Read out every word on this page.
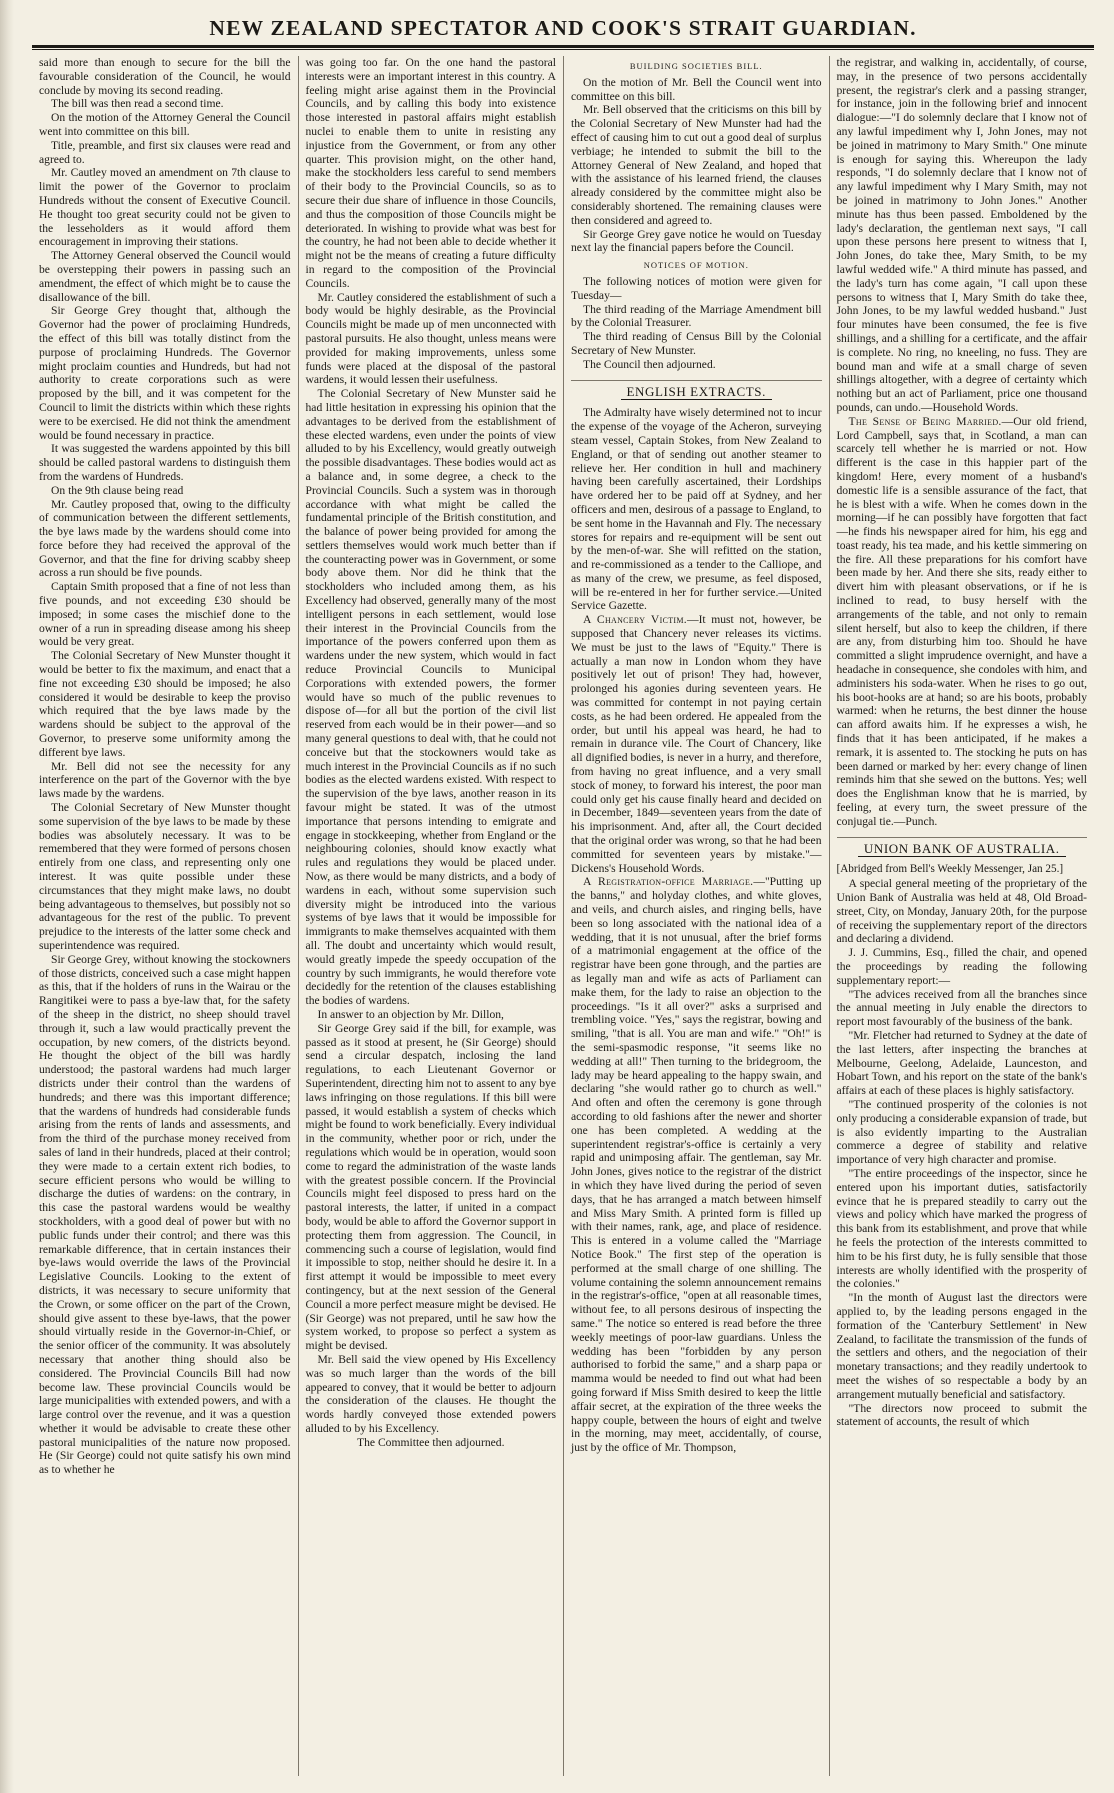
NEW ZEALAND SPECTATOR AND COOK'S STRAIT GUARDIAN.

said more than enough to secure for the bill the favourable consideration of the Council, he would conclude by moving its second reading.

The bill was then read a second time.

On the motion of the Attorney General the Council went into committee on this bill.

Title, preamble, and first six clauses were read and agreed to.

Mr. Cautley moved an amendment on 7th clause to limit the power of the Governor to proclaim Hundreds without the consent of Executive Council. He thought too great security could not be given to the lesseholders as it would afford them encouragement in improving their stations.

The Attorney General observed the Council would be overstepping their powers in passing such an amendment, the effect of which might be to cause the disallowance of the bill.

Sir George Grey thought that, although the Governor had the power of proclaiming Hundreds, the effect of this bill was totally distinct from the purpose of proclaiming Hundreds. The Governor might proclaim counties and Hundreds, but had not authority to create corporations such as were proposed by the bill, and it was competent for the Council to limit the districts within which these rights were to be exercised. He did not think the amendment would be found necessary in practice.

It was suggested the wardens appointed by this bill should be called pastoral wardens to distinguish them from the wardens of Hundreds.

On the 9th clause being read

Mr. Cautley proposed that, owing to the difficulty of communication between the different settlements, the bye laws made by the wardens should come into force before they had received the approval of the Governor, and that the fine for driving scabby sheep across a run should be five pounds.

Captain Smith proposed that a fine of not less than five pounds, and not exceeding £30 should be imposed; in some cases the mischief done to the owner of a run in spreading disease among his sheep would be very great.

The Colonial Secretary of New Munster thought it would be better to fix the maximum, and enact that a fine not exceeding £30 should be imposed; he also considered it would be desirable to keep the proviso which required that the bye laws made by the wardens should be subject to the approval of the Governor, to preserve some uniformity among the different bye laws.

Mr. Bell did not see the necessity for any interference on the part of the Governor with the bye laws made by the wardens.

The Colonial Secretary of New Munster thought some supervision of the bye laws to be made by these bodies was absolutely necessary. It was to be remembered that they were formed of persons chosen entirely from one class, and representing only one interest. It was quite possible under these circumstances that they might make laws, no doubt being advantageous to themselves, but possibly not so advantageous for the rest of the public. To prevent prejudice to the interests of the latter some check and superintendence was required.

Sir George Grey, without knowing the stockowners of those districts, conceived such a case might happen as this, that if the holders of runs in the Wairau or the Rangitikei were to pass a bye-law that, for the safety of the sheep in the district, no sheep should travel through it, such a law would practically prevent the occupation, by new comers, of the districts beyond. He thought the object of the bill was hardly understood; the pastoral wardens had much larger districts under their control than the wardens of hundreds; and there was this important difference; that the wardens of hundreds had considerable funds arising from the rents of lands and assessments, and from the third of the purchase money received from sales of land in their hundreds, placed at their control; they were made to a certain extent rich bodies, to secure efficient persons who would be willing to discharge the duties of wardens: on the contrary, in this case the pastoral wardens would be wealthy stockholders, with a good deal of power but with no public funds under their control; and there was this remarkable difference, that in certain instances their bye-laws would override the laws of the Provincial Legislative Councils. Looking to the extent of districts, it was necessary to secure uniformity that the Crown, or some officer on the part of the Crown, should give assent to these bye-laws, that the power should virtually reside in the Governor-in-Chief, or the senior officer of the community. It was absolutely necessary that another thing should also be considered. The Provincial Councils Bill had now become law. These provincial Councils would be large municipalities with extended powers, and with a large control over the revenue, and it was a question whether it would be advisable to create these other pastoral municipalities of the nature now proposed. He (Sir George) could not quite satisfy his own mind as to whether he

was going too far. On the one hand the pastoral interests were an important interest in this country. A feeling might arise against them in the Provincial Councils, and by calling this body into existence those interested in pastoral affairs might establish nuclei to enable them to unite in resisting any injustice from the Government, or from any other quarter. This provision might, on the other hand, make the stockholders less careful to send members of their body to the Provincial Councils, so as to secure their due share of influence in those Councils, and thus the composition of those Councils might be deteriorated. In wishing to provide what was best for the country, he had not been able to decide whether it might not be the means of creating a future difficulty in regard to the composition of the Provincial Councils.

Mr. Cautley considered the establishment of such a body would be highly desirable, as the Provincial Councils might be made up of men unconnected with pastoral pursuits. He also thought, unless means were provided for making improvements, unless some funds were placed at the disposal of the pastoral wardens, it would lessen their usefulness.

The Colonial Secretary of New Munster said he had little hesitation in expressing his opinion that the advantages to be derived from the establishment of these elected wardens, even under the points of view alluded to by his Excellency, would greatly outweigh the possible disadvantages. These bodies would act as a balance and, in some degree, a check to the Provincial Councils. Such a system was in thorough accordance with what might be called the fundamental principle of the British constitution, and the balance of power being provided for among the settlers themselves would work much better than if the counteracting power was in Government, or some body above them. Nor did he think that the stockholders who included among them, as his Excellency had observed, generally many of the most intelligent persons in each settlement, would lose their interest in the Provincial Councils from the importance of the powers conferred upon them as wardens under the new system, which would in fact reduce Provincial Councils to Municipal Corporations with extended powers, the former would have so much of the public revenues to dispose of—for all but the portion of the civil list reserved from each would be in their power—and so many general questions to deal with, that he could not conceive but that the stockowners would take as much interest in the Provincial Councils as if no such bodies as the elected wardens existed. With respect to the supervision of the bye laws, another reason in its favour might be stated. It was of the utmost importance that persons intending to emigrate and engage in stockkeeping, whether from England or the neighbouring colonies, should know exactly what rules and regulations they would be placed under. Now, as there would be many districts, and a body of wardens in each, without some supervision such diversity might be introduced into the various systems of bye laws that it would be impossible for immigrants to make themselves acquainted with them all. The doubt and uncertainty which would result, would greatly impede the speedy occupation of the country by such immigrants, he would therefore vote decidedly for the retention of the clauses establishing the bodies of wardens.

In answer to an objection by Mr. Dillon,

Sir George Grey said if the bill, for example, was passed as it stood at present, he (Sir George) should send a circular despatch, inclosing the land regulations, to each Lieutenant Governor or Superintendent, directing him not to assent to any bye laws infringing on those regulations. If this bill were passed, it would establish a system of checks which might be found to work beneficially. Every individual in the community, whether poor or rich, under the regulations which would be in operation, would soon come to regard the administration of the waste lands with the greatest possible concern. If the Provincial Councils might feel disposed to press hard on the pastoral interests, the latter, if united in a compact body, would be able to afford the Governor support in protecting them from aggression. The Council, in commencing such a course of legislation, would find it impossible to stop, neither should he desire it. In a first attempt it would be impossible to meet every contingency, but at the next session of the General Council a more perfect measure might be devised. He (Sir George) was not prepared, until he saw how the system worked, to propose so perfect a system as might be devised.

Mr. Bell said the view opened by His Excellency was so much larger than the words of the bill appeared to convey, that it would be better to adjourn the consideration of the clauses. He thought the words hardly conveyed those extended powers alluded to by his Excellency.

The Committee then adjourned.

BUILDING SOCIETIES BILL.

On the motion of Mr. Bell the Council went into committee on this bill.

Mr. Bell observed that the criticisms on this bill by the Colonial Secretary of New Munster had had the effect of causing him to cut out a good deal of surplus verbiage; he intended to submit the bill to the Attorney General of New Zealand, and hoped that with the assistance of his learned friend, the clauses already considered by the committee might also be considerably shortened. The remaining clauses were then considered and agreed to.

Sir George Grey gave notice he would on Tuesday next lay the financial papers before the Council.

NOTICES OF MOTION.

The following notices of motion were given for Tuesday—

The third reading of the Marriage Amendment bill by the Colonial Treasurer.

The third reading of Census Bill by the Colonial Secretary of New Munster.

The Council then adjourned.

ENGLISH EXTRACTS.

The Admiralty have wisely determined not to incur the expense of the voyage of the Acheron, surveying steam vessel, Captain Stokes, from New Zealand to England, or that of sending out another steamer to relieve her. Her condition in hull and machinery having been carefully ascertained, their Lordships have ordered her to be paid off at Sydney, and her officers and men, desirous of a passage to England, to be sent home in the Havannah and Fly. The necessary stores for repairs and re-equipment will be sent out by the men-of-war. She will refitted on the station, and re-commissioned as a tender to the Calliope, and as many of the crew, we presume, as feel disposed, will be re-entered in her for further service.—United Service Gazette.

A Chancery Victim.—It must not, however, be supposed that Chancery never releases its victims. We must be just to the laws of "Equity." There is actually a man now in London whom they have positively let out of prison! They had, however, prolonged his agonies during seventeen years. He was committed for contempt in not paying certain costs, as he had been ordered. He appealed from the order, but until his appeal was heard, he had to remain in durance vile. The Court of Chancery, like all dignified bodies, is never in a hurry, and therefore, from having no great influence, and a very small stock of money, to forward his interest, the poor man could only get his cause finally heard and decided on in December, 1849—seventeen years from the date of his imprisonment. And, after all, the Court decided that the original order was wrong, so that he had been committed for seventeen years by mistake."—Dickens's Household Words.

A Registration-office Marriage.—"Putting up the banns," and holyday clothes, and white gloves, and veils, and church aisles, and ringing bells, have been so long associated with the national idea of a wedding, that it is not unusual, after the brief forms of a matrimonial engagement at the office of the registrar have been gone through, and the parties are as legally man and wife as acts of Parliament can make them, for the lady to raise an objection to the proceedings. "Is it all over?" asks a surprised and trembling voice. "Yes," says the registrar, bowing and smiling, "that is all. You are man and wife." "Oh!" is the semi-spasmodic response, "it seems like no wedding at all!" Then turning to the bridegroom, the lady may be heard appealing to the happy swain, and declaring "she would rather go to church as well." And often and often the ceremony is gone through according to old fashions after the newer and shorter one has been completed. A wedding at the superintendent registrar's-office is certainly a very rapid and unimposing affair. The gentleman, say Mr. John Jones, gives notice to the registrar of the district in which they have lived during the period of seven days, that he has arranged a match between himself and Miss Mary Smith. A printed form is filled up with their names, rank, age, and place of residence. This is entered in a volume called the "Marriage Notice Book." The first step of the operation is performed at the small charge of one shilling. The volume containing the solemn announcement remains in the registrar's-office, "open at all reasonable times, without fee, to all persons desirous of inspecting the same." The notice so entered is read before the three weekly meetings of poor-law guardians. Unless the wedding has been "forbidden by any person authorised to forbid the same," and a sharp papa or mamma would be needed to find out what had been going forward if Miss Smith desired to keep the little affair secret, at the expiration of the three weeks the happy couple, between the hours of eight and twelve in the morning, may meet, accidentally, of course, just by the office of Mr. Thompson,

the registrar, and walking in, accidentally, of course, may, in the presence of two persons accidentally present, the registrar's clerk and a passing stranger, for instance, join in the following brief and innocent dialogue:—"I do solemnly declare that I know not of any lawful impediment why I, John Jones, may not be joined in matrimony to Mary Smith." One minute is enough for saying this. Whereupon the lady responds, "I do solemnly declare that I know not of any lawful impediment why I Mary Smith, may not be joined in matrimony to John Jones." Another minute has thus been passed. Emboldened by the lady's declaration, the gentleman next says, "I call upon these persons here present to witness that I, John Jones, do take thee, Mary Smith, to be my lawful wedded wife." A third minute has passed, and the lady's turn has come again, "I call upon these persons to witness that I, Mary Smith do take thee, John Jones, to be my lawful wedded husband." Just four minutes have been consumed, the fee is five shillings, and a shilling for a certificate, and the affair is complete. No ring, no kneeling, no fuss. They are bound man and wife at a small charge of seven shillings altogether, with a degree of certainty which nothing but an act of Parliament, price one thousand pounds, can undo.—Household Words.

The Sense of Being Married.—Our old friend, Lord Campbell, says that, in Scotland, a man can scarcely tell whether he is married or not. How different is the case in this happier part of the kingdom! Here, every moment of a husband's domestic life is a sensible assurance of the fact, that he is blest with a wife. When he comes down in the morning—if he can possibly have forgotten that fact—he finds his newspaper aired for him, his egg and toast ready, his tea made, and his kettle simmering on the fire. All these preparations for his comfort have been made by her. And there she sits, ready either to divert him with pleasant observations, or if he is inclined to read, to busy herself with the arrangements of the table, and not only to remain silent herself, but also to keep the children, if there are any, from disturbing him too. Should he have committed a slight imprudence overnight, and have a headache in consequence, she condoles with him, and administers his soda-water. When he rises to go out, his boot-hooks are at hand; so are his boots, probably warmed: when he returns, the best dinner the house can afford awaits him. If he expresses a wish, he finds that it has been anticipated, if he makes a remark, it is assented to. The stocking he puts on has been darned or marked by her: every change of linen reminds him that she sewed on the buttons. Yes; well does the Englishman know that he is married, by feeling, at every turn, the sweet pressure of the conjugal tie.—Punch.

UNION BANK OF AUSTRALIA.

[Abridged from Bell's Weekly Messenger, Jan 25.]

A special general meeting of the proprietary of the Union Bank of Australia was held at 48, Old Broad-street, City, on Monday, January 20th, for the purpose of receiving the supplementary report of the directors and declaring a dividend.

J. J. Cummins, Esq., filled the chair, and opened the proceedings by reading the following supplementary report:—

"The advices received from all the branches since the annual meeting in July enable the directors to report most favourably of the business of the bank.

"Mr. Fletcher had returned to Sydney at the date of the last letters, after inspecting the branches at Melbourne, Geelong, Adelaide, Launceston, and Hobart Town, and his report on the state of the bank's affairs at each of these places is highly satisfactory.

"The continued prosperity of the colonies is not only producing a considerable expansion of trade, but is also evidently imparting to the Australian commerce a degree of stability and relative importance of very high character and promise.

"The entire proceedings of the inspector, since he entered upon his important duties, satisfactorily evince that he is prepared steadily to carry out the views and policy which have marked the progress of this bank from its establishment, and prove that while he feels the protection of the interests committed to him to be his first duty, he is fully sensible that those interests are wholly identified with the prosperity of the colonies."

"In the month of August last the directors were applied to, by the leading persons engaged in the formation of the 'Canterbury Settlement' in New Zealand, to facilitate the transmission of the funds of the settlers and others, and the negociation of their monetary transactions; and they readily undertook to meet the wishes of so respectable a body by an arrangement mutually beneficial and satisfactory.

"The directors now proceed to submit the statement of accounts, the result of which
